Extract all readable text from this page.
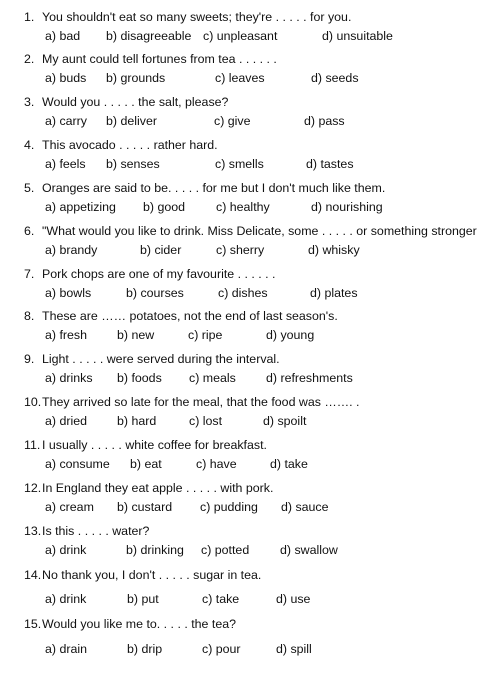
1. You shouldn't eat so many sweets; they're . . . . . for you.
a) bad b) disagreeable c) unpleasant	d) unsuitable
2. My aunt could tell fortunes from tea . . . . . .
a) buds b) grounds	c) leaves	d) seeds
3. Would you . . . . . the salt, please?
a) carry b) deliver	c) give	d) pass
4. This avocado . . . . . rather hard.
a) feels b) senses	c) smells	d) tastes
5. Oranges are said to be. . . . . for me but I don't much like them.
a) appetizing b) good c) healthy	d) nourishing
6. "What would you like to drink. Miss Delicate, some . . . . . or something stronger
a) brandy	b) cider	c) sherry	d) whisky
7. Pork chops are one of my favourite . . . . . .
a) bowls	b) courses	c) dishes	d) plates
8. These are …… potatoes, not the end of last season's.
a) fresh b) new	c) ripe	d) young
9. Light . . . . . were served during the interval.
a) drinks b) foods c) meals d) refreshments
10. They arrived so late for the meal, that the food was ……. .
a) dried b) hard	c) lost	d) spoilt
11. I usually . . . . . white coffee for breakfast.
a) consume b) eat	c) have	d) take
12. In England they eat apple . . . . . with pork.
a) cream b) custard c) pudding d) sauce
13. Is this . . . . . water?
a) drink	b) drinking c) potted d) swallow
14. No thank you, I don't . . . . . sugar in tea.
a) drink	b) put	c) take	d) use
15. Would you like me to. . . . . the tea?
a) drain	b) drip	c) pour	d) spill
